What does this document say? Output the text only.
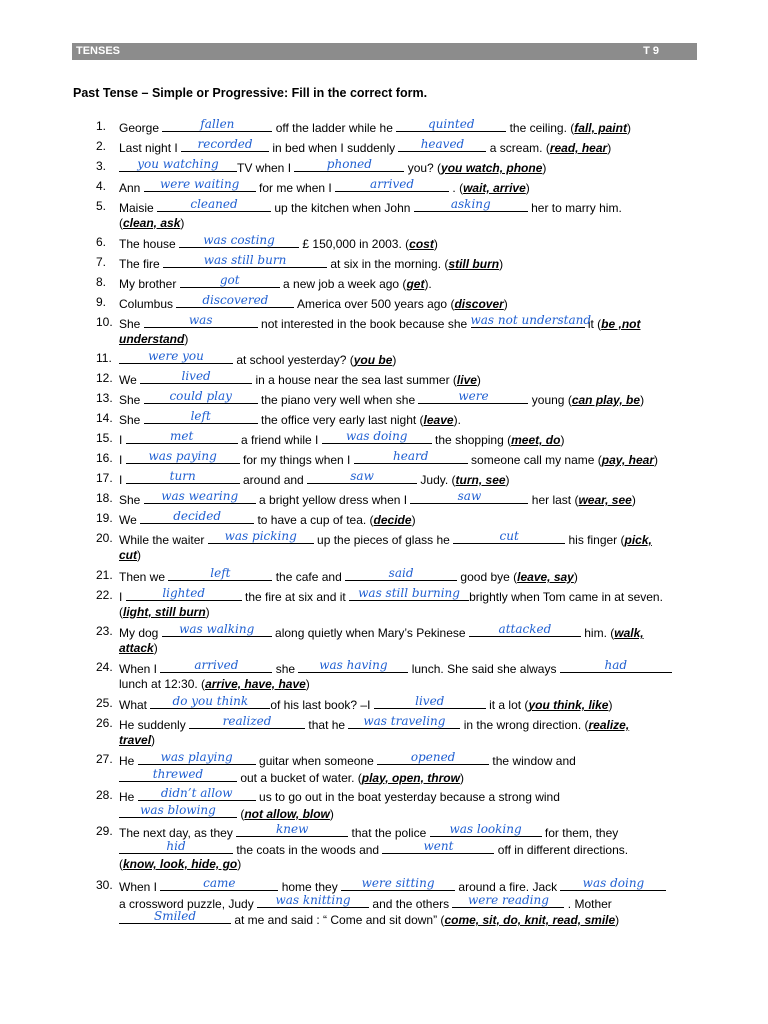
TENSES	T 9
Past Tense – Simple or Progressive: Fill in the correct form.
1.	George	fallen	off the ladder while he	quinted	the ceiling. (fall, paint)
2.	Last night I	recorded	in bed when I suddenly	heaved	a scream. (read, hear)
3.	you watching	TV when I	phoned	you? (you watch, phone)
4.	Ann	were waiting	for me when I	arrived	. (wait, arrive)
5.	Maisie	cleaned	up the kitchen when John	asking	her to marry him.
(clean, ask)
6.	The house	was costing	£ 150,000 in 2003. (cost)
7.	The fire	was still burn	at six in the morning. (still burn)
8.	My brother	got	a new job a week ago (get).
9.	Columbus	discovered	America over 500 years ago (discover)
10. She	was	not interested in the book because she was not understand
it (be ,not
understand)
11.	were you	at school yesterday? (you be)
12. We	lived	in a house near the sea last summer (live)
13. She	could play	the piano very well when she	were	young (can play, be)
14. She	left	the office very early last night (leave).
15. I	met	a friend while I	was doing	the shopping (meet, do)
16. I	was paying	for my things when I	heard	someone call my name (pay, hear)
17. I	turn	around and	saw	Judy. (turn, see)
18. She	was wearing	a bright yellow dress when I	saw	her last (wear, see)
19. We	decided	to have a cup of tea. (decide)
20. While the waiter	was picking	up the pieces of glass he	cut	his finger (pick,
cut)
21. Then we	left	the cafe and	said	good bye (leave, say)
22. I	lighted	the fire at six and it was still burning brightly when Tom came in at seven.
(light, still burn)
23. My dog	was walking	along quietly when Mary’s Pekinese	attacked	him. (walk,
attack)
24. When I	arrived	she	was having	lunch. She said she always	had
lunch at 12:30. (arrive, have, have)
25. What	do you think	of his last book? –I	lived	it a lot (you think, like)
26. He suddenly	realized	that he	was traveling	in the wrong direction. (realize,
travel)
27. He	was playing	guitar when someone	opened	the window and
threwed	out a bucket of water. (play, open, throw)
28. He	didn’t allow	us to go out in the boat yesterday because a strong wind
was blowing	(not allow, blow)
29. The next day, as they	knew	that the police	was looking	for them, they
hid	the coats in the woods and	went	off in different directions.
(know, look, hide, go)
30. When I	came	home they	were sitting	around a fire. Jack	was doing
a crossword puzzle, Judy	was knitting	and the others	were reading	. Mother
Smiled	at me and said : “ Come and sit down” (come, sit, do, knit, read, smile)
